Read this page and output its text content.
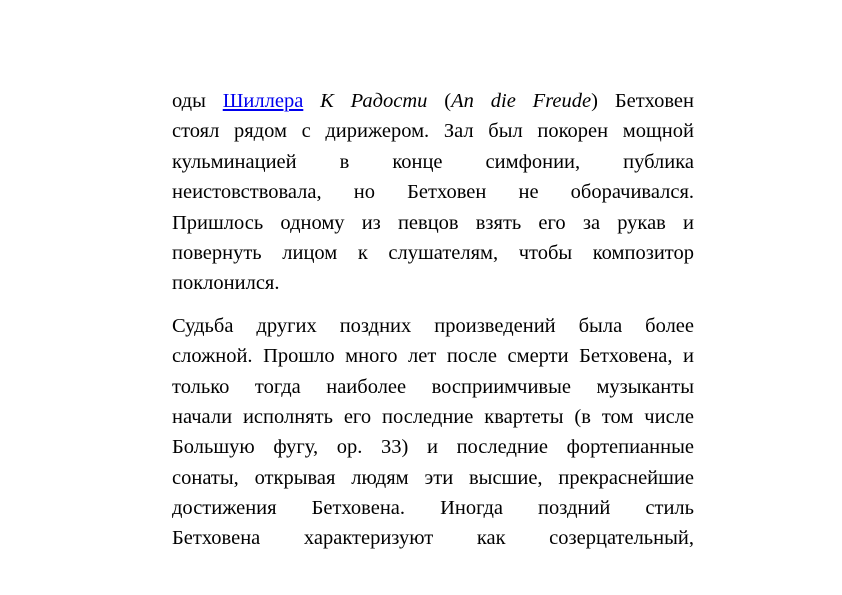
оды Шиллера К Радости (An die Freude) Бетховен
стоял рядом с дирижером. Зал был покорен мощной
кульминацией в конце симфонии, публика
неистовствовала, но Бетховен не оборачивался.
Пришлось одному из певцов взять его за рукав и
повернуть лицом к слушателям, чтобы композитор
поклонился.
Судьба других поздних произведений была более
сложной. Прошло много лет после смерти Бетховена, и
только тогда наиболее восприимчивые музыканты
начали исполнять его последние квартеты (в том числе
Большую фугу, ор. 33) и последние фортепианные
сонаты, открывая людям эти высшие, прекраснейшие
достижения Бетховена. Иногда поздний стиль
Бетховена характеризуют как созерцательный,
